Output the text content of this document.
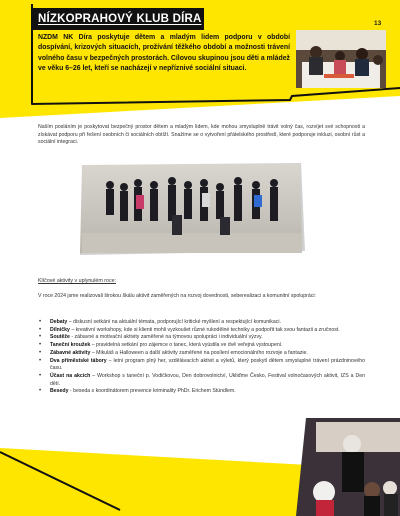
NÍZKOPRAHOVÝ KLUB DÍRA	13

NZDM NK Díra poskytuje dětem a mladým lidem podporu v období dospívání, krizových situacích, prožívání těžkého období a možnosti trávení volného času v bezpečných prostorách. Cílovou skupinou jsou děti a mládež ve věku 6–26 let, kteří se nacházejí v nepříznivé sociální situaci.

Naším posláním je poskytovat bezpečný prostor dětem a mladým lidem, kde mohou smysluplně trávit volný čas, rozvíjet své schopnosti a získávat podporu při řešení osobních či sociálních obtíží. Snažíme se o vytvoření přátelského prostředí, které podporuje inkluzi, osobní růst a sociální integraci.

Klíčové aktivity v uplynulém roce:

V roce 2024 jsme realizovali širokou škálu aktivit zaměřených na rozvoj dovednosti, seberealizaci a komunitní spolupráci:

• Debaty – diskusní setkání na aktuální témata, podporující kritické myšlení a respektující komunikaci.
• Dílničky – kreativní workshopy, kde si klienti mohli vyzkoušet různé rukodělné techniky a podpořit tak svou fantazii a zručnost.
• Soutěže - zábavné a motivační aktivity zaměřené na týmovou spolupráci i individuální výzvy.
• Taneční kroužek – pravidelná setkání pro zájemce o tanec, která vyústila ve dvě veřejná vystoupení.
• Zábavné aktivity – Mikuláš a Halloween a další aktivity zaměřené na posílení emocionálního rozvoje a fantazie.
• Dva příměstské tábory – letní program plný her, vzdělávacích aktivit a výletů, který poskytl dětem smysluplné trávení prázdninového času.
• Účast na akcích – Workshop s taneční p. Vodičkovou, Den dobrovolnictví, Ukliďme Česko, Festival volnočasových aktivit, IZS a Den dětí.
• Besedy - beseda s koordinátorem prevence kriminality PhDr. Erichem Stündlem.
